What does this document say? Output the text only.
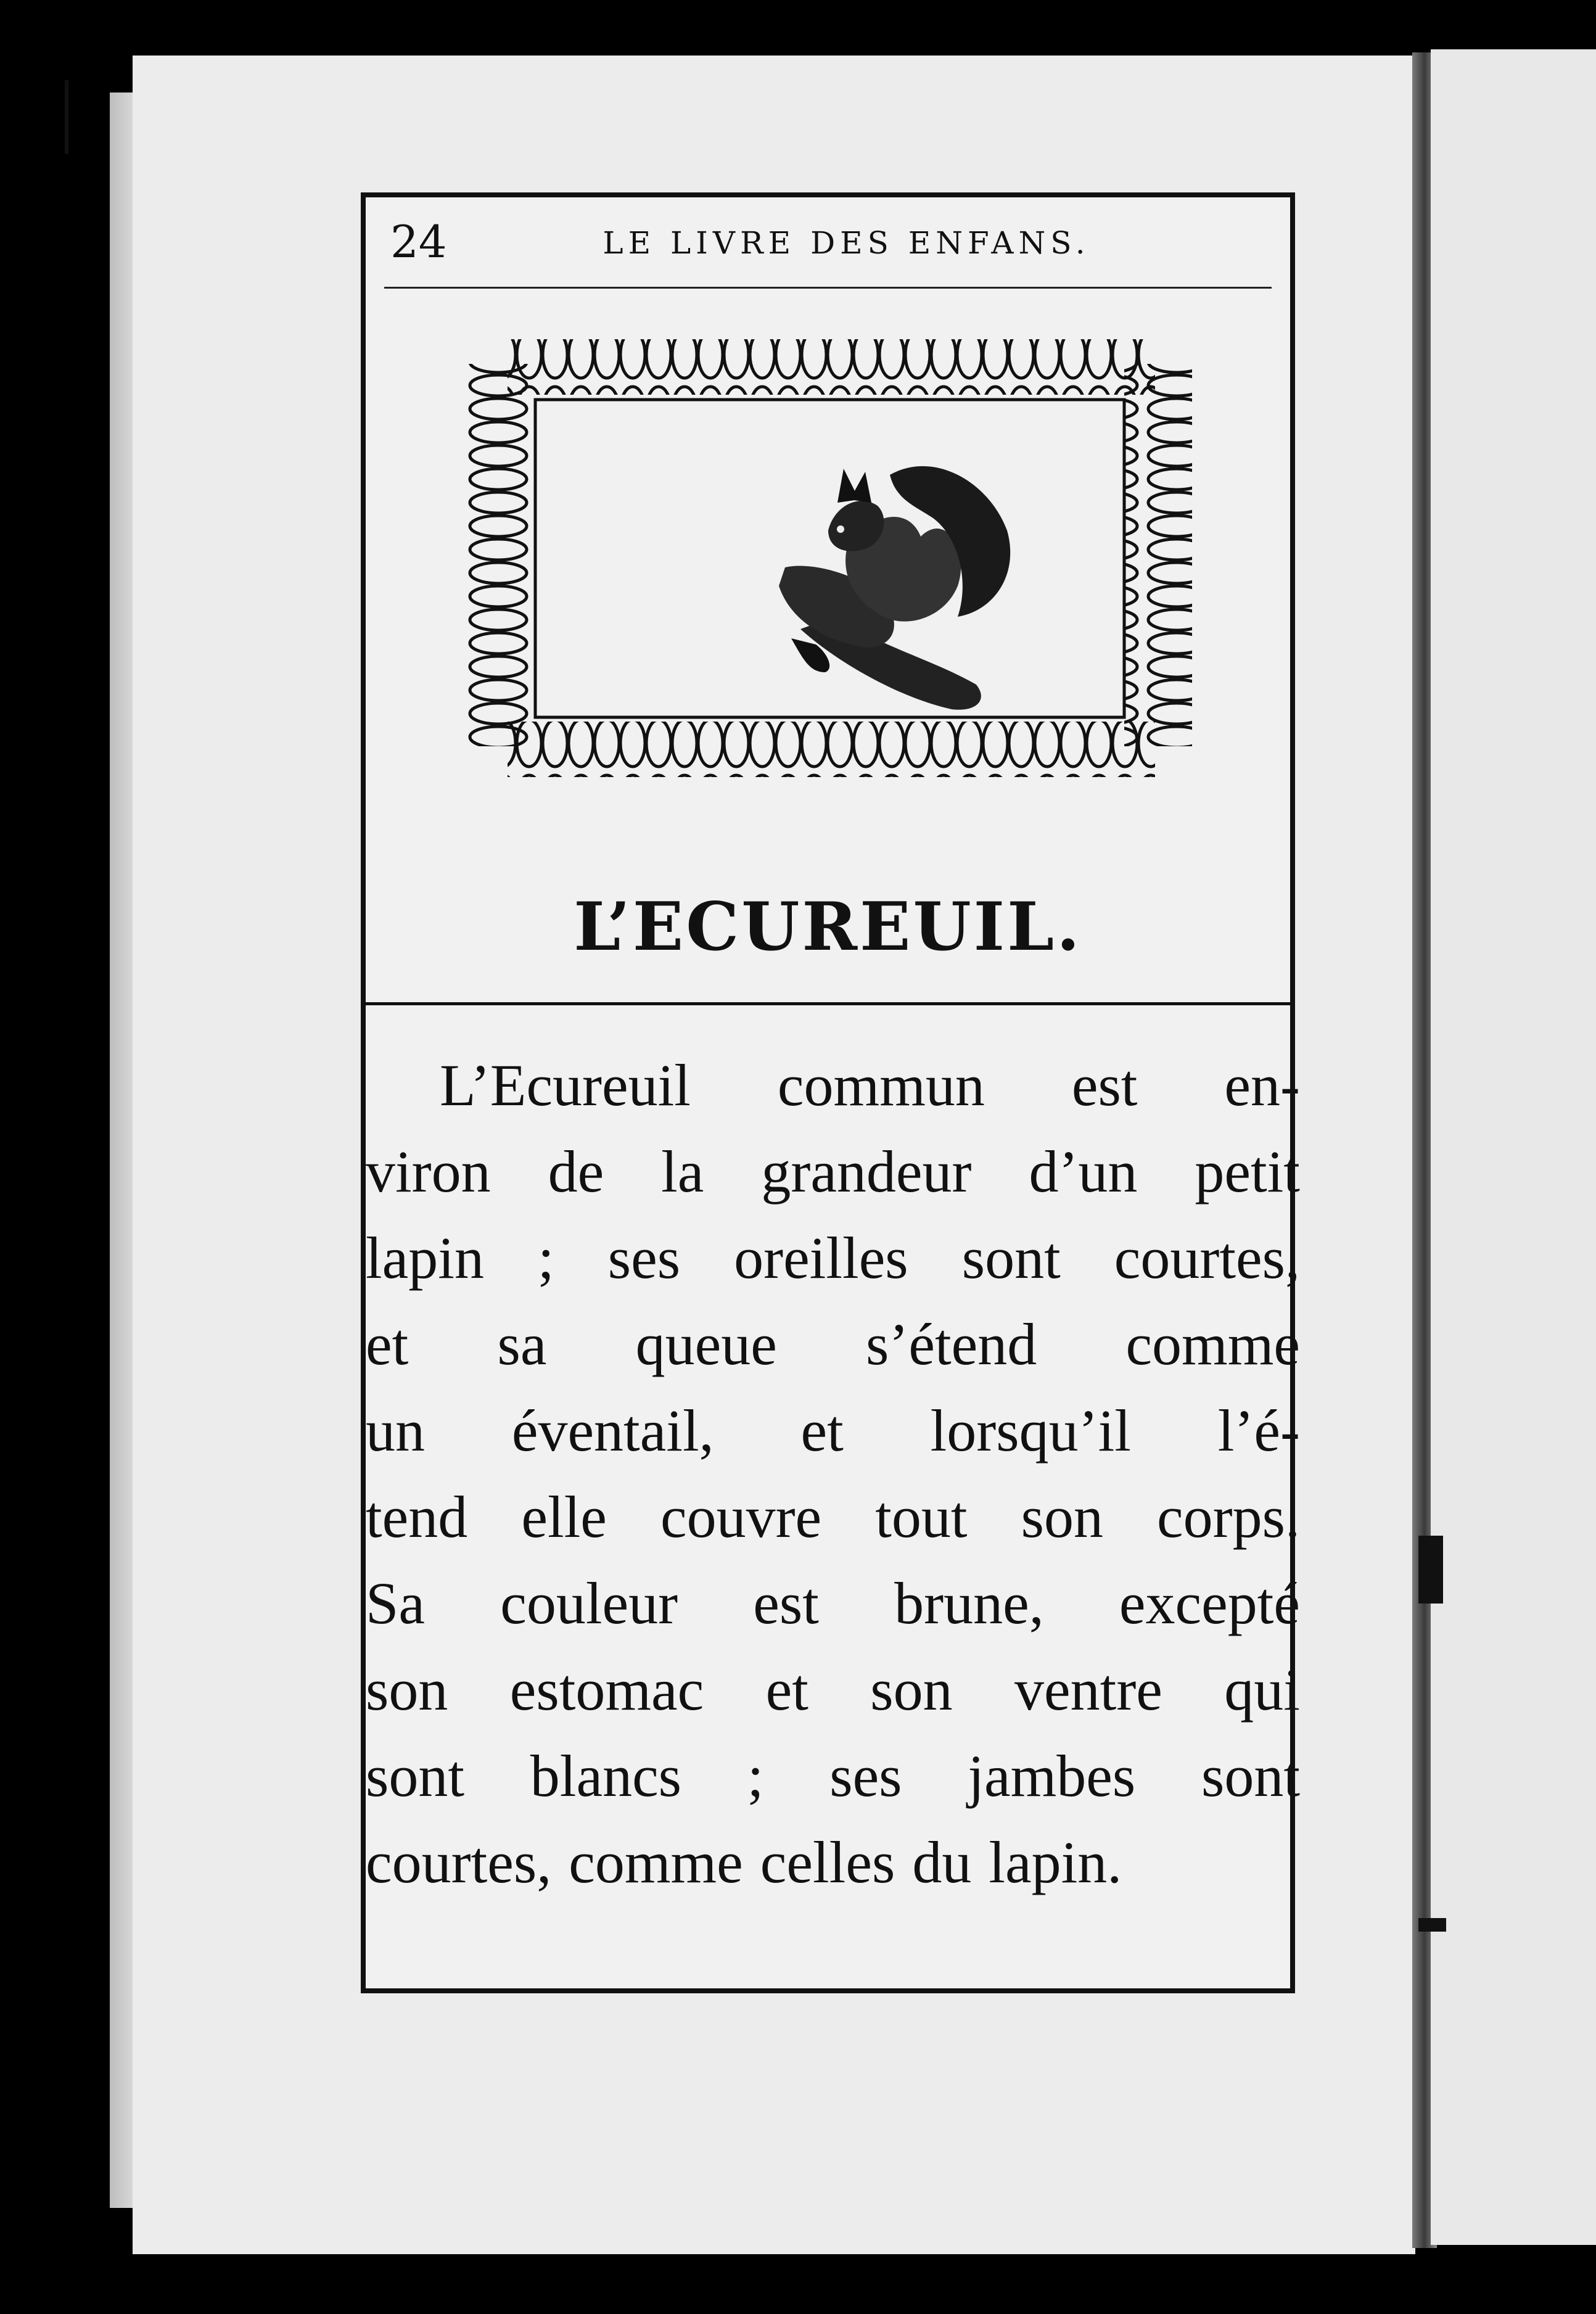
24	LE LIVRE DES ENFANS.
L’ECUREUIL.
L’Ecureuil commun est en-
viron de la grandeur d’un petit
lapin ; ses oreilles sont courtes,
et sa queue s’étend comme
un éventail, et lorsqu’il l’é-
tend elle couvre tout son corps.
Sa couleur est brune, excepté
son estomac et son ventre qui
sont blancs ; ses jambes sont
courtes, comme celles du lapin.
